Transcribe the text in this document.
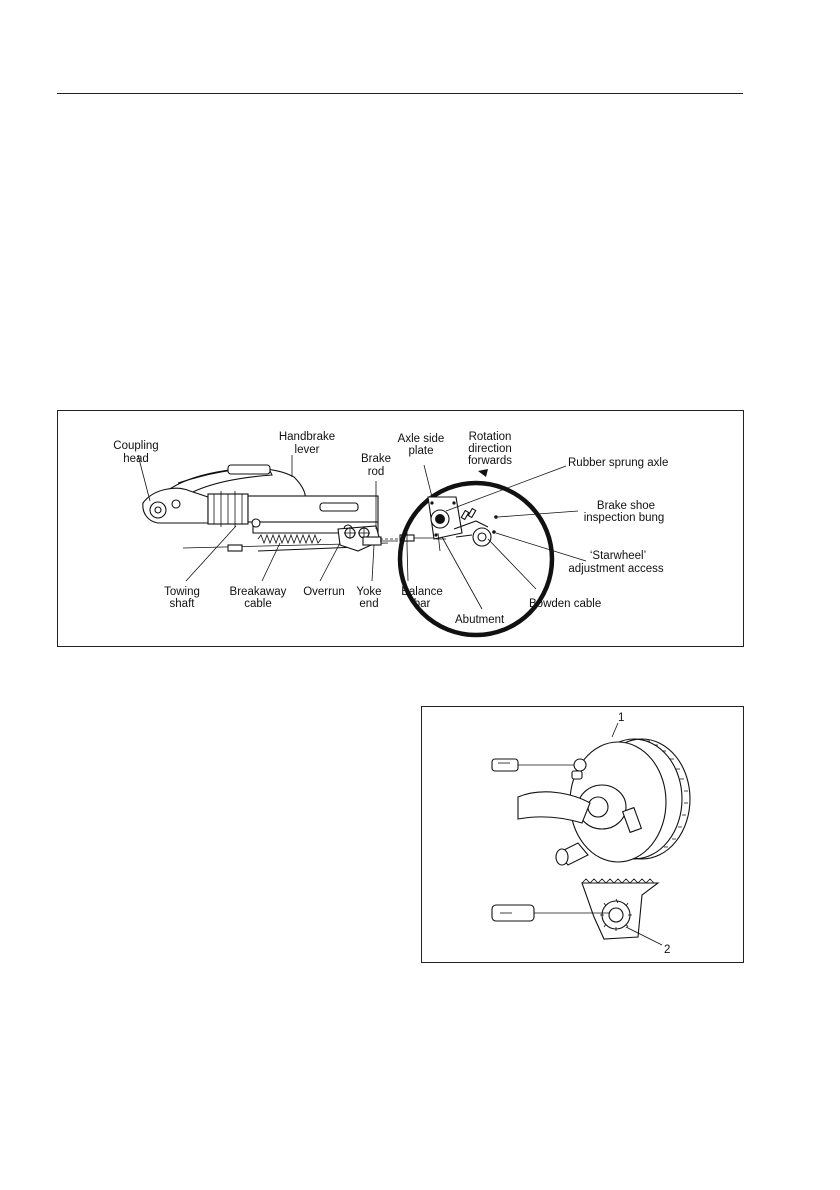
Coupling
head
Handbrake
lever
Brake
rod
Axle side
plate
Rotation
direction
forwards	Rubber sprung axle
Brake shoe
inspection bung
‘Starwheel’
adjustment access
Bowden cable
Abutment
Towing
shaft
Breakaway
cable
Overrun Yoke
end
Balance
bar
1
2
